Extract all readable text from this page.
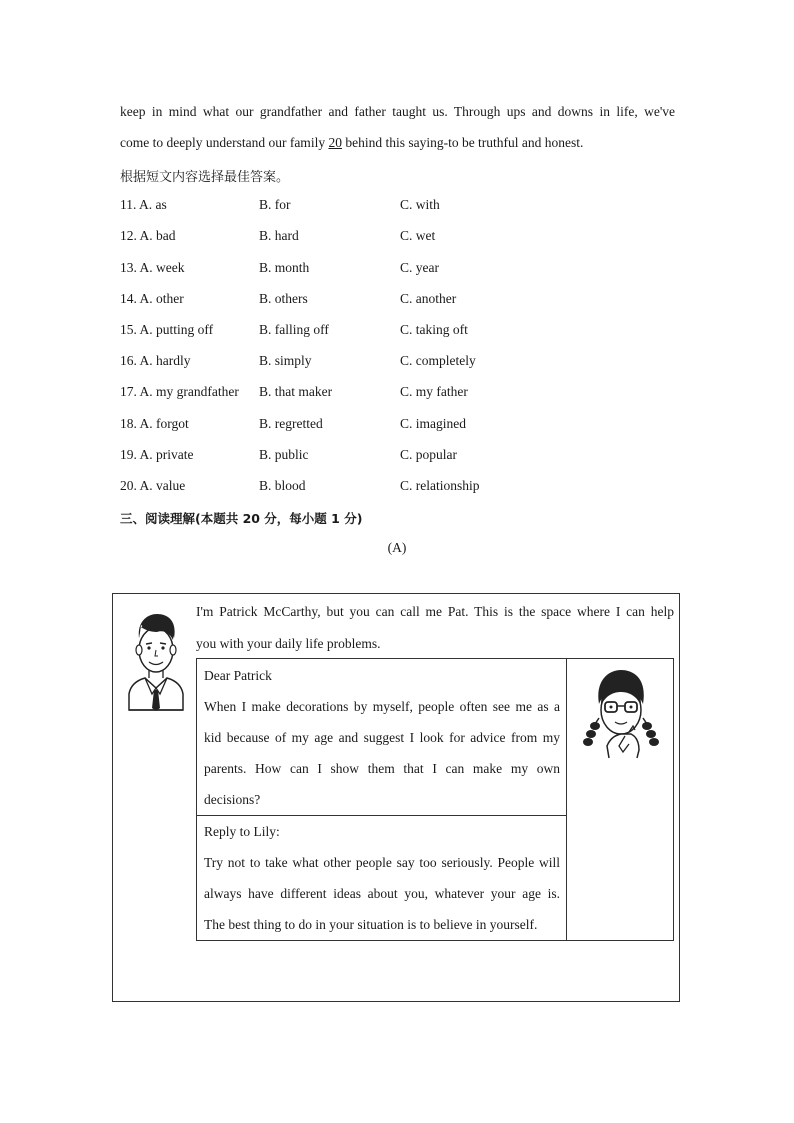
keep in mind what our grandfather and father taught us. Through ups and downs in life, we've
come to deeply understand our family 20 behind this saying-to be truthful and honest.
根据短文内容选择最佳答案。
11. A. as	B. for	C. with
12. A. bad	B. hard	C. wet
13. A. week	B. month	C. year
14. A. other	B. others	C. another
15. A. putting off	B. falling off	C. taking oft
16. A. hardly	B. simply	C. completely
17. A. my grandfather B. that maker	C. my father
18. A. forgot	B. regretted	C. imagined
19. A. private	B. public	C. popular
20. A. value	B. blood	C. relationship
三、阅读理解(本题共 20 分，每小题 1 分)
(A)
I'm Patrick McCarthy, but you can call me Pat. This is the space where I can help
you with your daily life problems.
Dear Patrick
When I make decorations by myself, people often see me as a
kid because of my age and suggest I look for advice from my
parents. How can I show them that I can make my own
decisions?
Reply to Lily:
Try not to take what other people say too seriously. People will
always have different ideas about you, whatever your age is.
The best thing to do in your situation is to believe in yourself.
